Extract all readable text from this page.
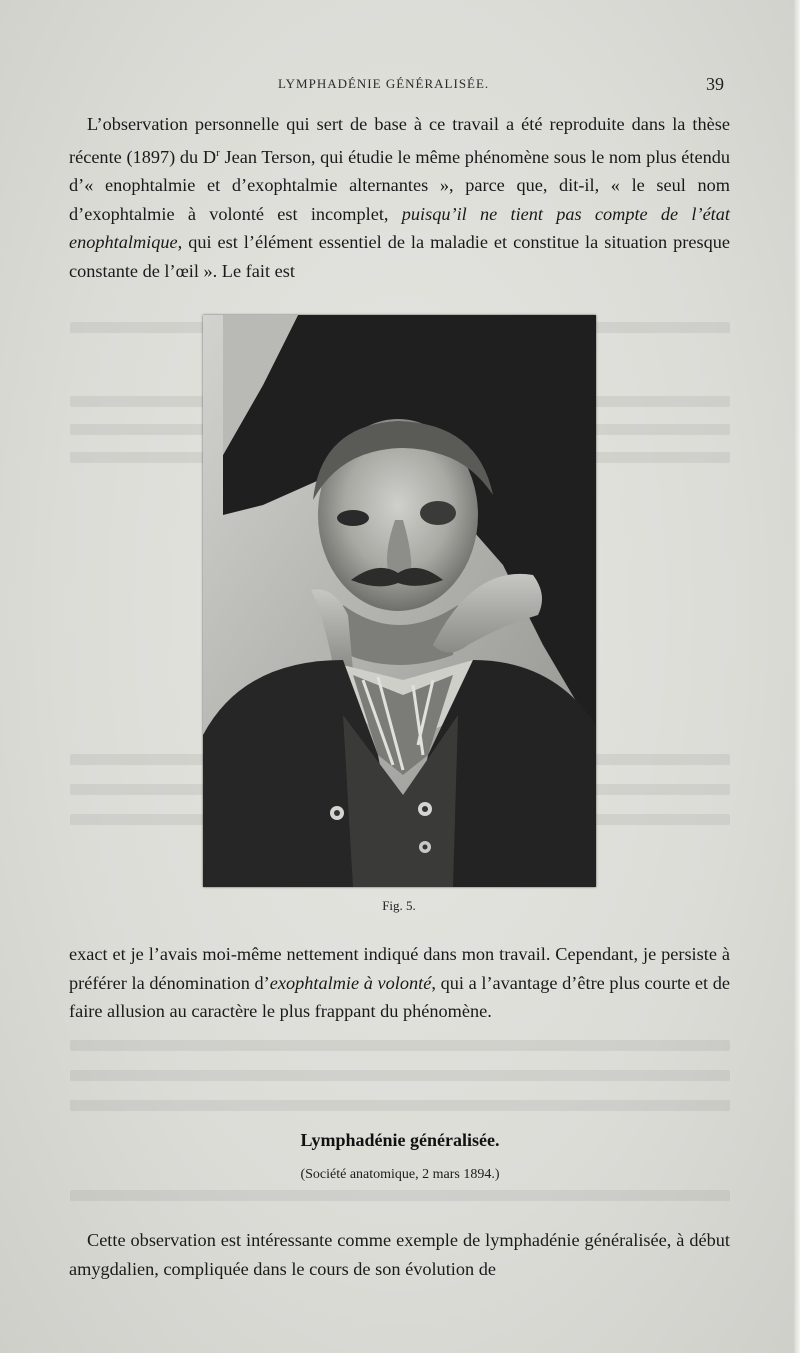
LYMPHADÉNIE GÉNÉRALISÉE.	39
L’observation personnelle qui sert de base à ce travail a été reproduite dans la thèse récente (1897) du $D^r$ Jean Terson, qui étudie le même phénomène sous le nom plus étendu d’« enophtalmie et d’exophtalmie alternantes », parce que, dit-il, « le seul nom d’exophtalmie à volonté est incomplet, puisqu’il ne tient pas compte de l’état enophtalmique, qui est l’élément essentiel de la maladie et constitue la situation presque constante de l’œil ». Le fait est
Fig. 5.
exact et je l’avais moi-même nettement indiqué dans mon travail. Cependant, je persiste à préférer la dénomination d’exophtalmie à volonté, qui a l’avantage d’être plus courte et de faire allusion au caractère le plus frappant du phénomène.
Lymphadénie généralisée.
(Société anatomique, 2 mars 1894.)
Cette observation est intéressante comme exemple de lymphadénie généralisée, à début amygdalien, compliquée dans le cours de son évolution de
